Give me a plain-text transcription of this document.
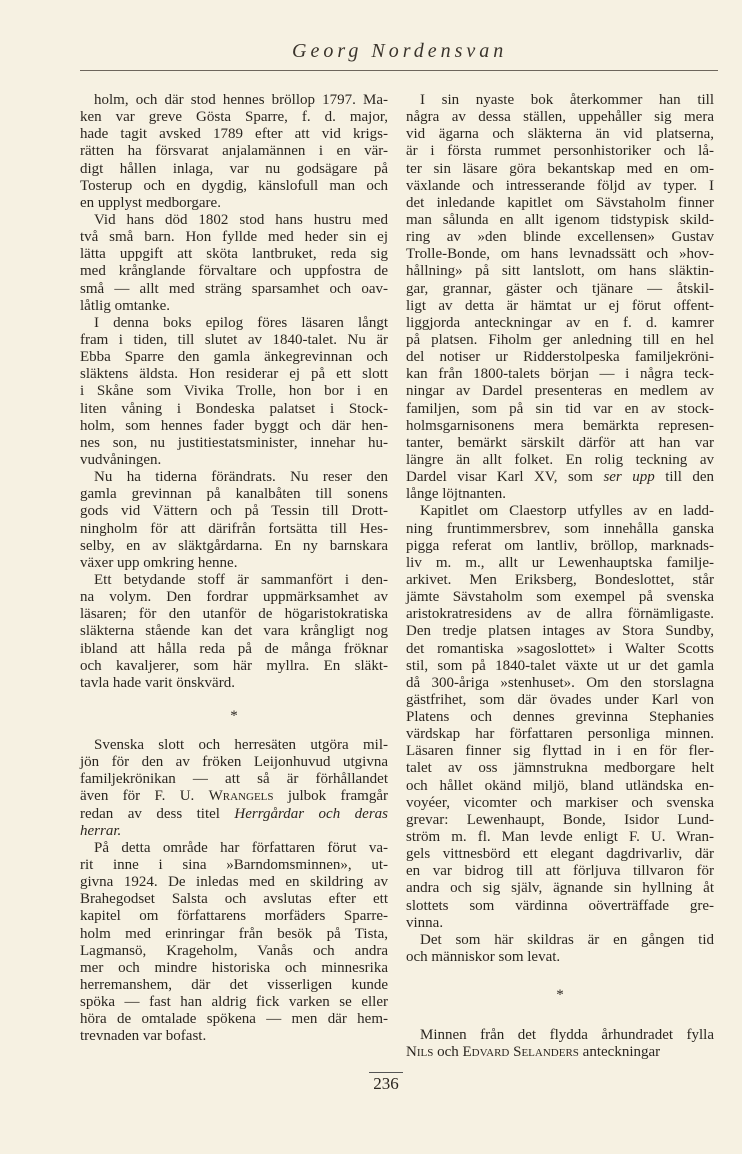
Georg Nordensvan
holm, och där stod hennes bröllop 1797. Ma-
ken var greve Gösta Sparre, f. d. major,
hade tagit avsked 1789 efter att vid krigs-
rätten ha försvarat anjalamännen i en vär-
digt hållen inlaga, var nu godsägare på
Tosterup och en dygdig, känslofull man och
en upplyst medborgare.
Vid hans död 1802 stod hans hustru med
två små barn. Hon fyllde med heder sin ej
lätta uppgift att sköta lantbruket, reda sig
med krånglande förvaltare och uppfostra de
små — allt med sträng sparsamhet och oav-
låtlig omtanke.
I denna boks epilog föres läsaren långt
fram i tiden, till slutet av 1840-talet. Nu är
Ebba Sparre den gamla änkegrevinnan och
släktens äldsta. Hon residerar ej på ett slott
i Skåne som Vivika Trolle, hon bor i en
liten våning i Bondeska palatset i Stock-
holm, som hennes fader byggt och där hen-
nes son, nu justitiestatsminister, innehar hu-
vudvåningen.
Nu ha tiderna förändrats. Nu reser den
gamla grevinnan på kanalbåten till sonens
gods vid Vättern och på Tessin till Drott-
ningholm för att därifrån fortsätta till Hes-
selby, en av släktgårdarna. En ny barnskara
växer upp omkring henne.
Ett betydande stoff är sammanfört i den-
na volym. Den fordrar uppmärksamhet av
läsaren; för den utanför de högaristokratiska
släkterna stående kan det vara krångligt nog
ibland att hålla reda på de många fröknar
och kavaljerer, som här myllra. En släkt-
tavla hade varit önskvärd.
*
Svenska slott och herresäten utgöra mil-
jön för den av fröken Leijonhuvud utgivna
familjekrönikan — att så är förhållandet
även för F. U. Wrangels julbok framgår
redan av dess titel Herrgårdar och deras
herrar.
På detta område har författaren förut va-
rit inne i sina »Barndomsminnen», ut-
givna 1924. De inledas med en skildring av
Brahegodset Salsta och avslutas efter ett
kapitel om författarens morfäders Sparre-
holm med erinringar från besök på Tista,
Lagmansö, Krageholm, Vanås och andra
mer och mindre historiska och minnesrika
herremanshem, där det visserligen kunde
spöka — fast han aldrig fick varken se eller
höra de omtalade spökena — men där hem-
trevnaden var bofast.
I sin nyaste bok återkommer han till
några av dessa ställen, uppehåller sig mera
vid ägarna och släkterna än vid platserna,
är i första rummet personhistoriker och lå-
ter sin läsare göra bekantskap med en om-
växlande och intresserande följd av typer. I
det inledande kapitlet om Sävstaholm finner
man sålunda en allt igenom tidstypisk skild-
ring av »den blinde excellensen» Gustav
Trolle-Bonde, om hans levnadssätt och »hov-
hållning» på sitt lantslott, om hans släktin-
gar, grannar, gäster och tjänare — åtskil-
ligt av detta är hämtat ur ej förut offent-
liggjorda anteckningar av en f. d. kamrer
på platsen. Fiholm ger anledning till en hel
del notiser ur Ridderstolpeska familjekröni-
kan från 1800-talets början — i några teck-
ningar av Dardel presenteras en medlem av
familjen, som på sin tid var en av stock-
holmsgarnisonens mera bemärkta represen-
tanter, bemärkt särskilt därför att han var
längre än allt folket. En rolig teckning av
Dardel visar Karl XV, som ser upp till den
långe löjtnanten.
Kapitlet om Claestorp utfylles av en ladd-
ning fruntimmersbrev, som innehålla ganska
pigga referat om lantliv, bröllop, marknads-
liv m. m., allt ur Lewenhauptska familje-
arkivet. Men Eriksberg, Bondeslottet, står
jämte Sävstaholm som exempel på svenska
aristokratresidens av de allra förnämligaste.
Den tredje platsen intages av Stora Sundby,
det romantiska »sagoslottet» i Walter Scotts
stil, som på 1840-talet växte ut ur det gamla
då 300-åriga »stenhuset». Om den storslagna
gästfrihet, som där övades under Karl von
Platens och dennes grevinna Stephanies
värdskap har författaren personliga minnen.
Läsaren finner sig flyttad in i en för fler-
talet av oss jämnstrukna medborgare helt
och hållet okänd miljö, bland utländska en-
voyéer, vicomter och markiser och svenska
grevar: Lewenhaupt, Bonde, Isidor Lund-
ström m. fl. Man levde enligt F. U. Wran-
gels vittnesbörd ett elegant dagdrivarliv, där
en var bidrog till att förljuva tillvaron för
andra och sig själv, ägnande sin hyllning åt
slottets som värdinna oöverträffade gre-
vinna.
Det som här skildras är en gången tid
och människor som levat.
*
Minnen från det flydda århundradet fylla
Nils och Edvard Selanders anteckningar
236
